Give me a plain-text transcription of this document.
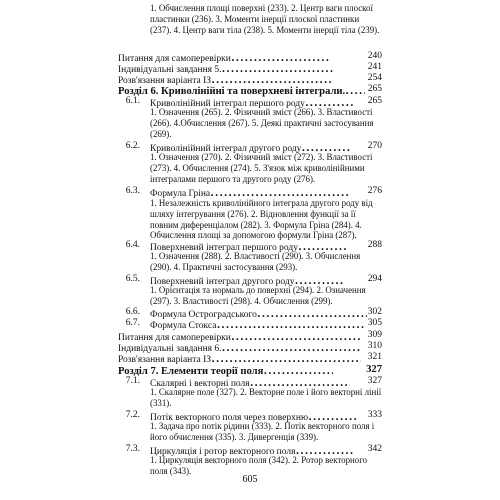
1. Обчислення площі поверхні (233). 2. Центр ваги плоскої пластинки (236). 3. Моменти інерції плоскої пластинки (237). 4. Центр ваги тіла (238). 5. Моменти інерції тіла (239).
Питання для самоперевірки .....	240
Індивідуальні завдання 5. .....	241
Розв'язання варіанта ІЗ .....	254
Розділ 6. Криволінійні та поверхневі інтеграли. .....	265
6.1. Криволінійний інтеграл першого роду .....	265
1. Означення (265). 2. Фізичний зміст (266). 3. Властивості (266). 4.Обчислення (267). 5. Деякі практичні застосування (269).
6.2. Криволінійний інтеграл другого роду .....	270
1. Означення (270). 2. Фізичний зміст (272). 3. Властивості (273). 4. Обчислення (274). 5. З'язок між криволінійними інтегралами першого та другого роду (276).
6.3. Формула Гріна .....	276
1. Незалежність криволінійного інтеграла другого роду від шляху інтегрування (276). 2. Відновлення функції за її повним диференціалом (282). 3. Формула Гріна (284). 4. Обчислення площі за допомогою формули Гріна (287).
6.4. Поверхневий інтеграл першого роду .....	288
1. Означення (288). 2. Властивості (290). 3. Обчислення (290). 4. Практичні застосування (293).
6.5. Поверхневий інтеграл другого роду .....	294
1. Орієнтація та нормаль до поверхні (294). 2. Означення (297). 3. Властивості (298). 4. Обчислення (299).
6.6. Формула Остроградського .....	302
6.7. Формула Стокса .....	305
Питання для самоперевірки .....	309
Індивідуальні завдання 6. .....	310
Розв'язання варіанта ІЗ .....	321
Розділ 7. Елементи теорії поля .....	327
7.1. Скалярні і векторні поля .....	327
1. Скалярне поле (327). 2. Векторне поле і його векторні лінії (331).
7.2. Потік векторного поля через поверхню .....	333
1. Задача про потік рідини (333). 2. Потік векторного поля і його обчислення (335). 3. Дивергенція (339).
7.3. Циркуляція і ротор векторного поля .....	342
1. Циркуляція векторного поля (342). 2. Ротор векторного поля (343).
605
